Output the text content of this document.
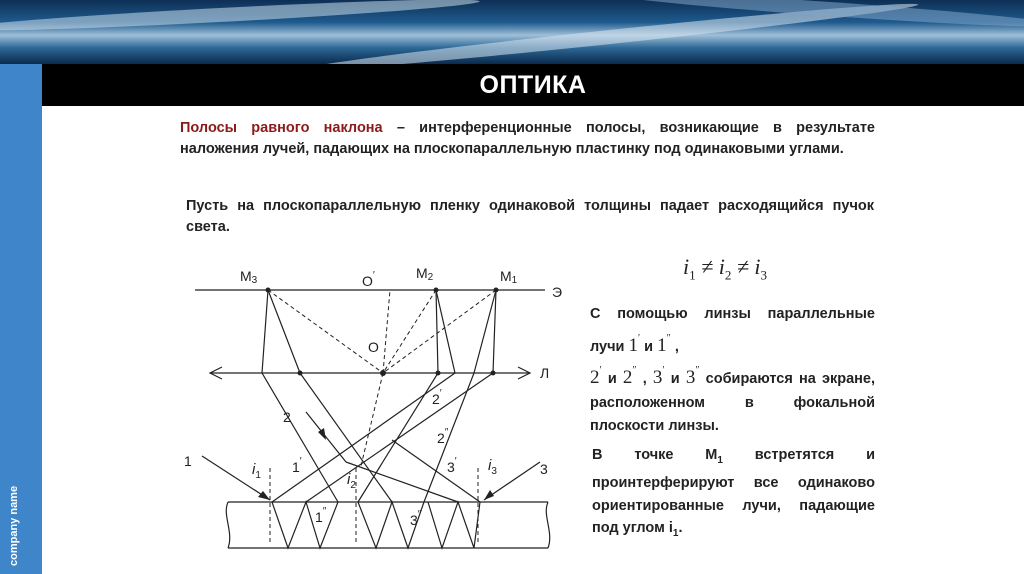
ОПТИКА
company name
Полосы равного наклона – интерференционные полосы, возникающие в результате наложения лучей, падающих на плоскопараллельную пластинку под одинаковыми углами.
Пусть на плоскопараллельную пленку одинаковой толщины падает расходящийся пучок света.
$i_1 \ne i_2 \ne i_3$
С помощью линзы параллельные лучи 1′ и 1″ ,
2′ и 2″ , 3′ и 3″ собираются на экране, расположенном в фокальной плоскости линзы.
В точке $М_1$ встретятся и проинтерферируют все одинаково ориентированные лучи, падающие под углом $i_1$.
М3	О′	М2	М1
Э
О
Л
1
2
3
1′
2′
2″
3′
1″
3″
$i_1$	$i_2$
$i_3$
